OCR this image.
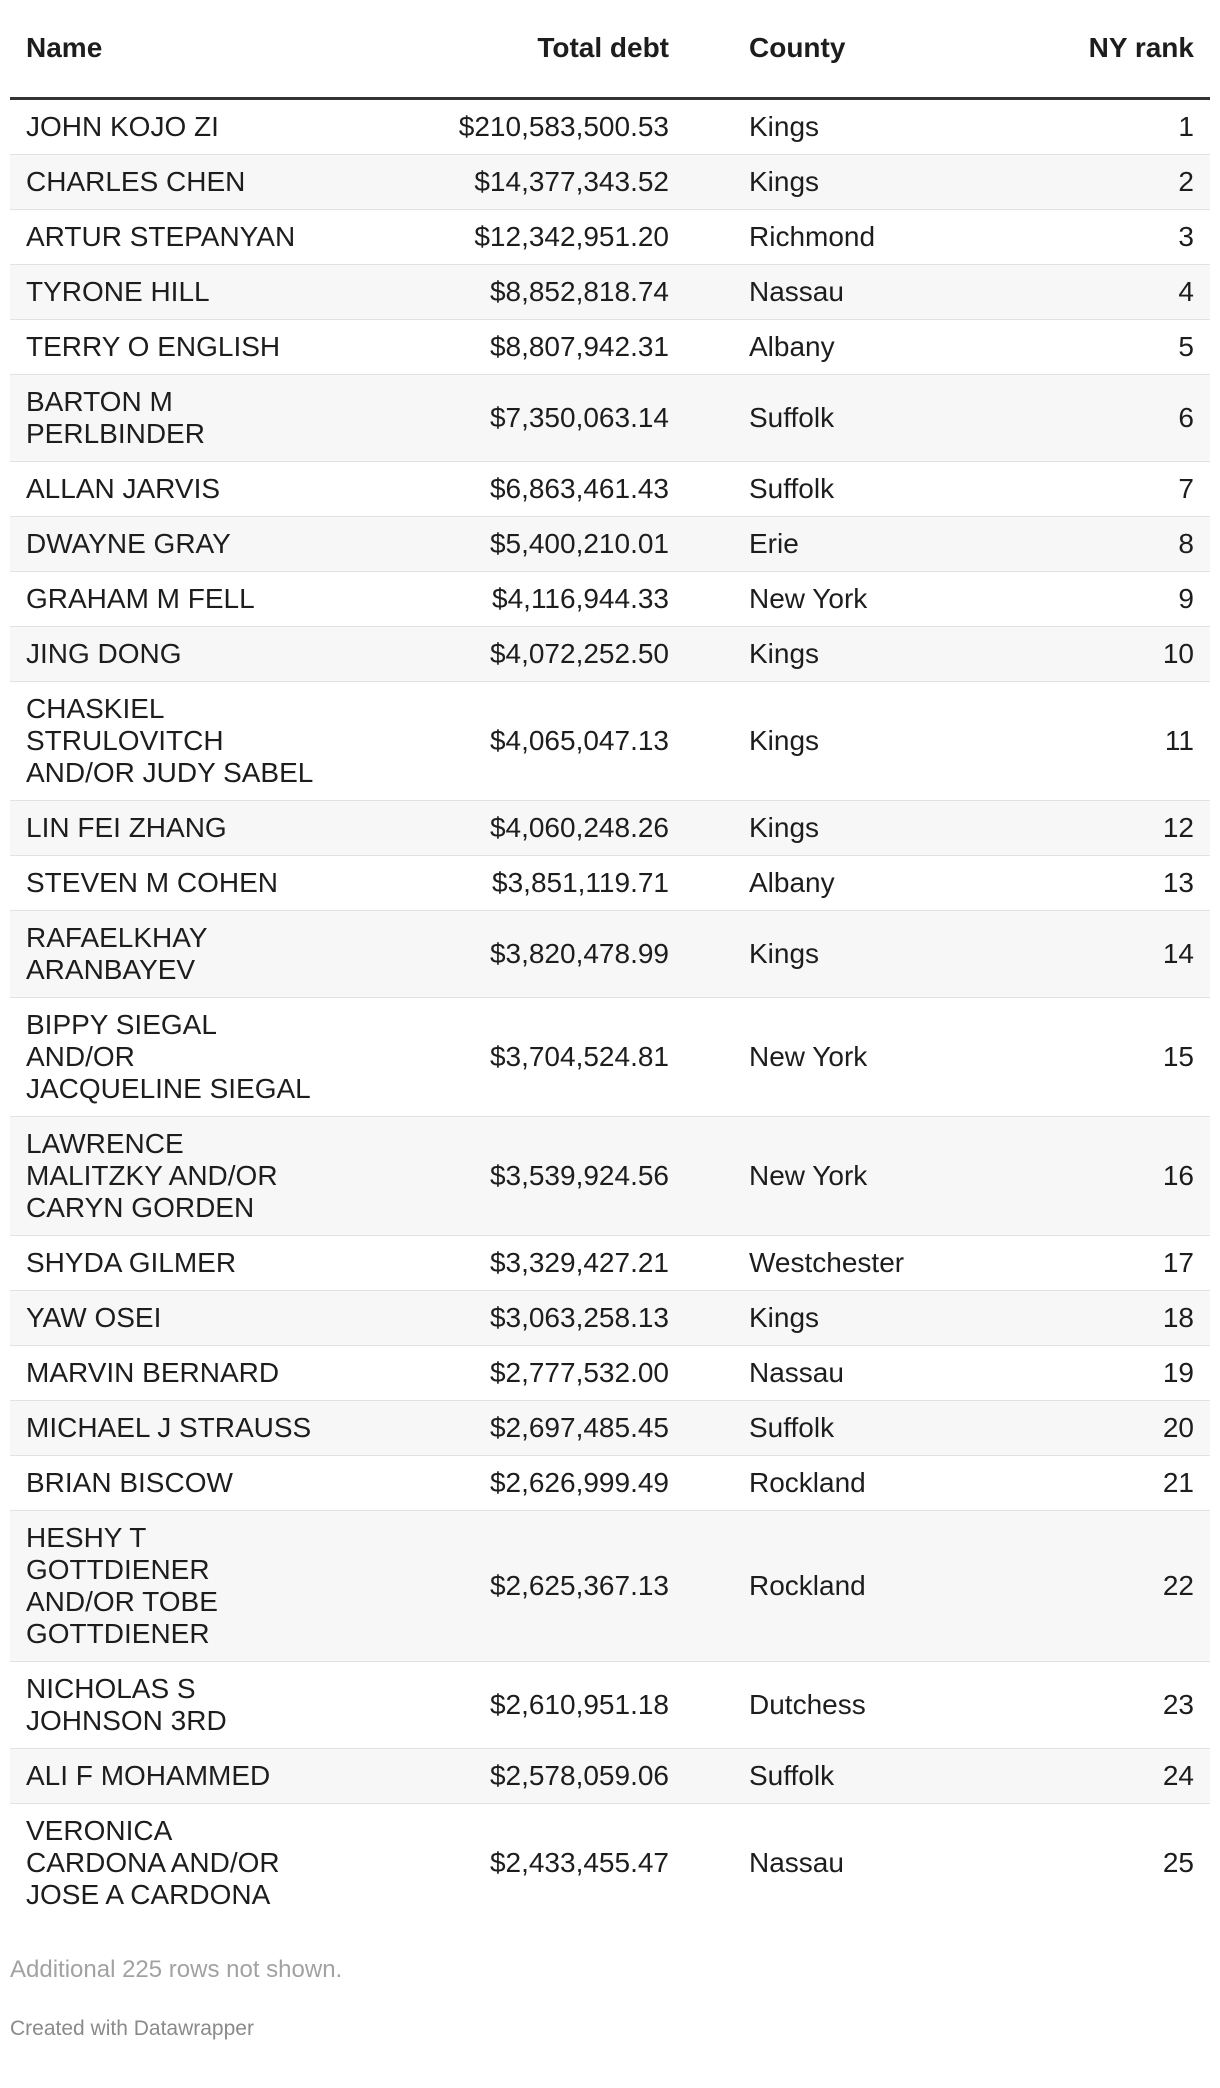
Name	Total debt	County	NY rank

JOHN KOJO ZI	$210,583,500.53	Kings	1

CHARLES CHEN	$14,377,343.52	Kings	2

ARTUR STEPANYAN	$12,342,951.20	Richmond	3

TYRONE HILL	$8,852,818.74	Nassau	4

TERRY O ENGLISH	$8,807,942.31	Albany	5

BARTON M PERLBINDER	$7,350,063.14	Suffolk	6

ALLAN JARVIS	$6,863,461.43	Suffolk	7

DWAYNE GRAY	$5,400,210.01	Erie	8

GRAHAM M FELL	$4,116,944.33	New York	9

JING DONG	$4,072,252.50	Kings	10

CHASKIEL STRULOVITCH AND/OR JUDY SABEL	$4,065,047.13	Kings	11

LIN FEI ZHANG	$4,060,248.26	Kings	12

STEVEN M COHEN	$3,851,119.71	Albany	13

RAFAELKHAY ARANBAYEV	$3,820,478.99	Kings	14

BIPPY SIEGAL AND/OR JACQUELINE SIEGAL	$3,704,524.81	New York	15

LAWRENCE MALITZKY AND/OR CARYN GORDEN	$3,539,924.56	New York	16

SHYDA GILMER	$3,329,427.21	Westchester	17

YAW OSEI	$3,063,258.13	Kings	18

MARVIN BERNARD	$2,777,532.00	Nassau	19

MICHAEL J STRAUSS	$2,697,485.45	Suffolk	20

BRIAN BISCOW	$2,626,999.49	Rockland	21

HESHY T GOTTDIENER AND/OR TOBE GOTTDIENER	$2,625,367.13	Rockland	22

NICHOLAS S JOHNSON 3RD	$2,610,951.18	Dutchess	23

ALI F MOHAMMED	$2,578,059.06	Suffolk	24

VERONICA CARDONA AND/OR JOSE A CARDONA	$2,433,455.47	Nassau	25
Additional 225 rows not shown.
Created with Datawrapper
